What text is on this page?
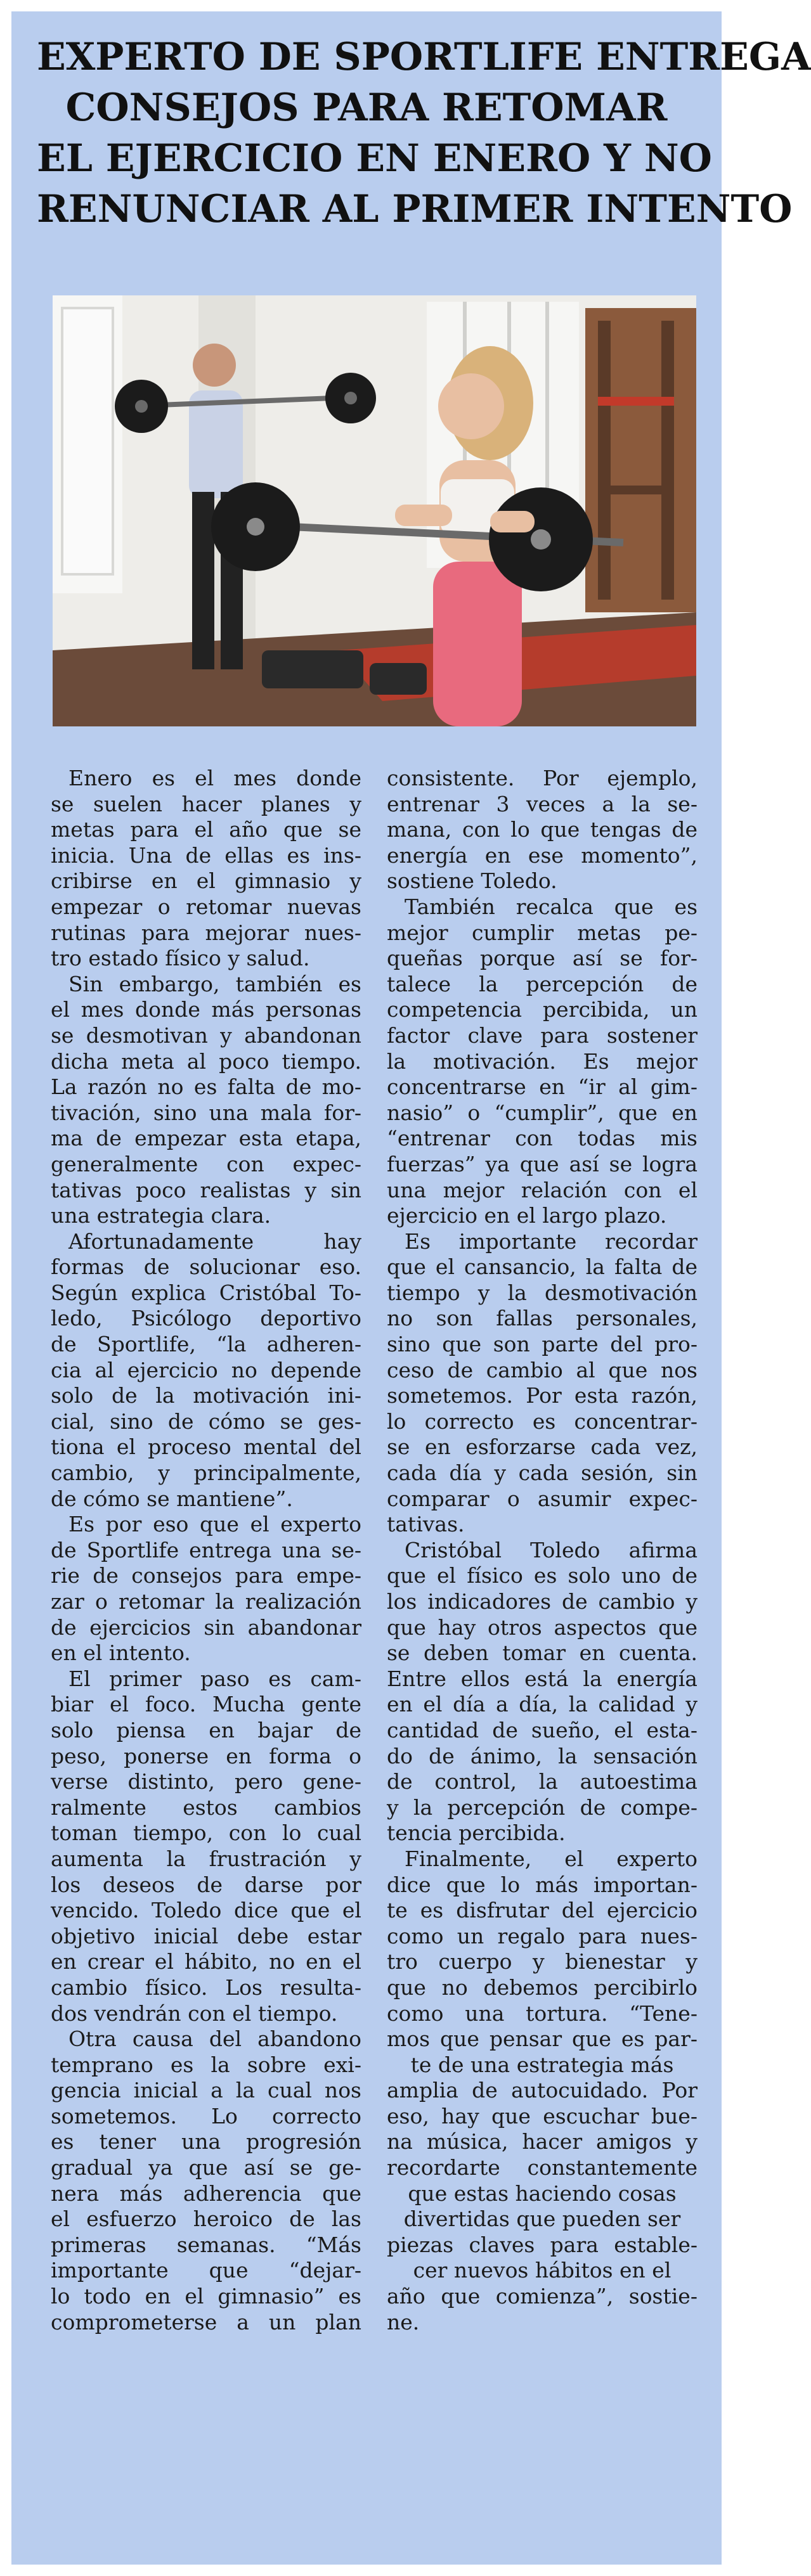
EXPERTO DE SPORTLIFE ENTREGA
CONSEJOS PARA RETOMAR
EL EJERCICIO EN ENERO Y NO
RENUNCIAR AL PRIMER INTENTO
Enero es el mes donde
se suelen hacer planes y
metas para el año que se
inicia. Una de ellas es ins-
cribirse en el gimnasio y
empezar o retomar nuevas
rutinas para mejorar nues-
tro estado físico y salud.
Sin embargo, también es
el mes donde más personas
se desmotivan y abandonan
dicha meta al poco tiempo.
La razón no es falta de mo-
tivación, sino una mala for-
ma de empezar esta etapa,
generalmente con expec-
tativas poco realistas y sin
una estrategia clara.
Afortunadamente hay
formas de solucionar eso.
Según explica Cristóbal To-
ledo, Psicólogo deportivo
de Sportlife, “la adheren-
cia al ejercicio no depende
solo de la motivación ini-
cial, sino de cómo se ges-
tiona el proceso mental del
cambio, y principalmente,
de cómo se mantiene”.
Es por eso que el experto
de Sportlife entrega una se-
rie de consejos para empe-
zar o retomar la realización
de ejercicios sin abandonar
en el intento.
El primer paso es cam-
biar el foco. Mucha gente
solo piensa en bajar de
peso, ponerse en forma o
verse distinto, pero gene-
ralmente estos cambios
toman tiempo, con lo cual
aumenta la frustración y
los deseos de darse por
vencido. Toledo dice que el
objetivo inicial debe estar
en crear el hábito, no en el
cambio físico. Los resulta-
dos vendrán con el tiempo.
Otra causa del abandono
temprano es la sobre exi-
gencia inicial a la cual nos
sometemos. Lo correcto
es tener una progresión
gradual ya que así se ge-
nera más adherencia que
el esfuerzo heroico de las
primeras semanas. “Más
importante que “dejar-
lo todo en el gimnasio” es
comprometerse a un plan
consistente. Por ejemplo,
entrenar 3 veces a la se-
mana, con lo que tengas de
energía en ese momento”,
sostiene Toledo.
También recalca que es
mejor cumplir metas pe-
queñas porque así se for-
talece la percepción de
competencia percibida, un
factor clave para sostener
la motivación. Es mejor
concentrarse en “ir al gim-
nasio” o “cumplir”, que en
“entrenar con todas mis
fuerzas” ya que así se logra
una mejor relación con el
ejercicio en el largo plazo.
Es importante recordar
que el cansancio, la falta de
tiempo y la desmotivación
no son fallas personales,
sino que son parte del pro-
ceso de cambio al que nos
sometemos. Por esta razón,
lo correcto es concentrar-
se en esforzarse cada vez,
cada día y cada sesión, sin
comparar o asumir expec-
tativas.
Cristóbal Toledo afirma
que el físico es solo uno de
los indicadores de cambio y
que hay otros aspectos que
se deben tomar en cuenta.
Entre ellos está la energía
en el día a día, la calidad y
cantidad de sueño, el esta-
do de ánimo, la sensación
de control, la autoestima
y la percepción de compe-
tencia percibida.
Finalmente, el experto
dice que lo más importan-
te es disfrutar del ejercicio
como un regalo para nues-
tro cuerpo y bienestar y
que no debemos percibirlo
como una tortura. “Tene-
mos que pensar que es par-
te de una estrategia más
amplia de autocuidado. Por
eso, hay que escuchar bue-
na música, hacer amigos y
recordarte constantemente
que estas haciendo cosas
divertidas que pueden ser
piezas claves para estable-
cer nuevos hábitos en el
año que comienza”, sostie-
ne.
